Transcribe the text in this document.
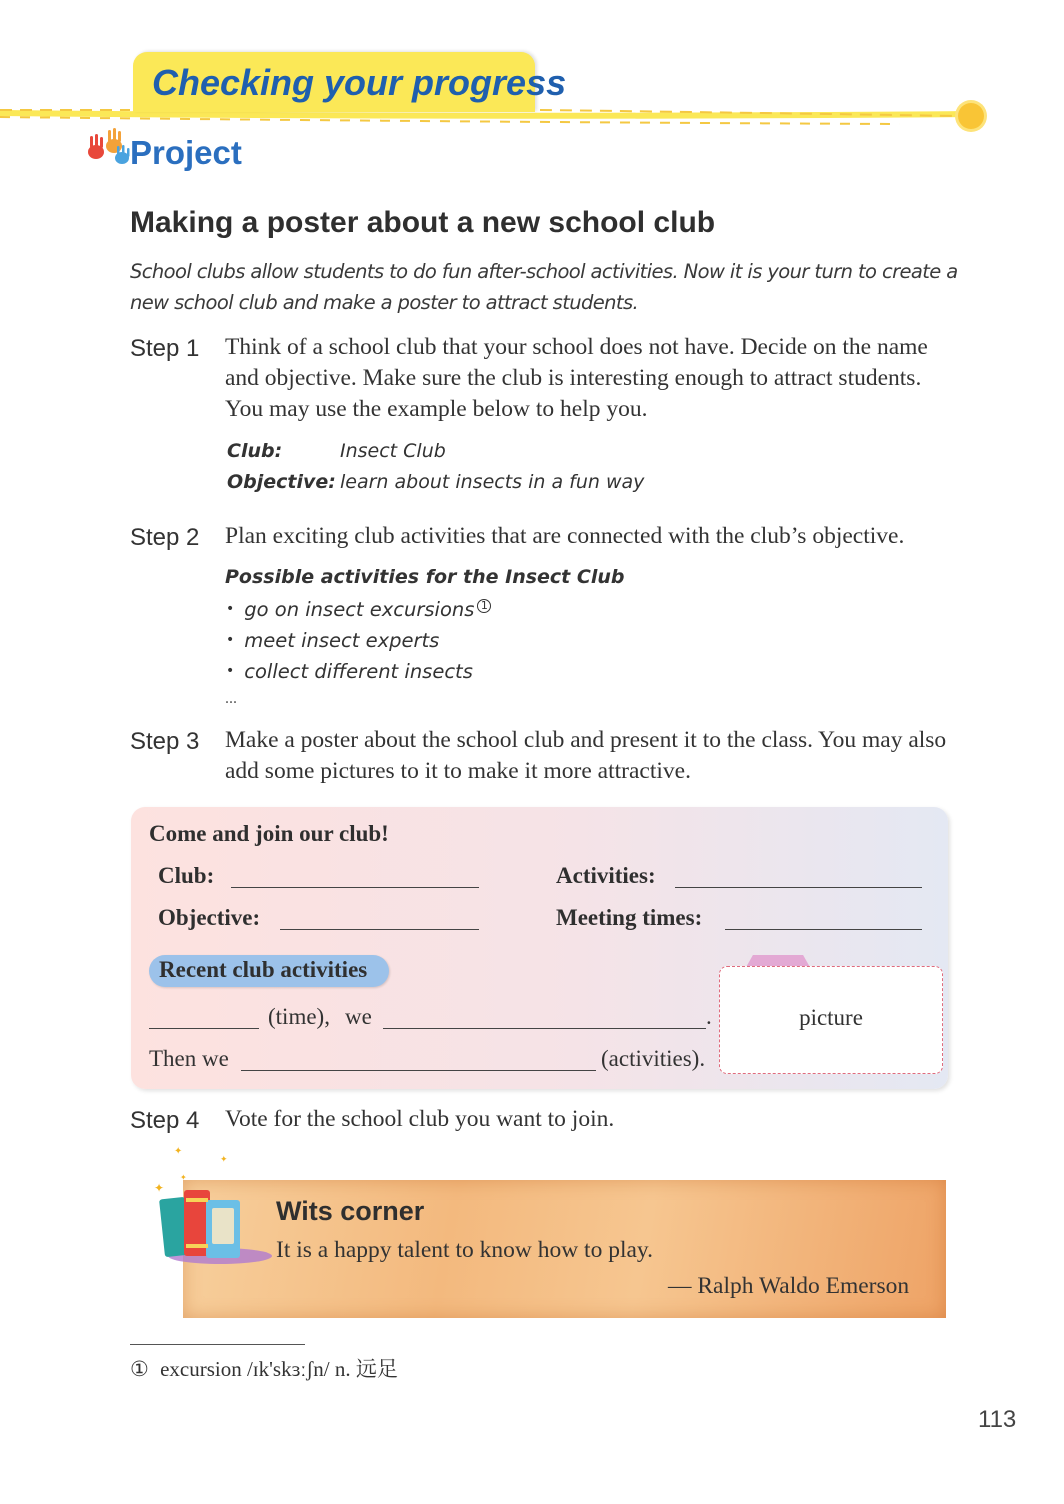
Checking your progress
Project
Making a poster about a new school club
School clubs allow students to do fun after-school activities. Now it is your turn to create a new school club and make a poster to attract students.
Step 1 Think of a school club that your school does not have. Decide on the name and objective. Make sure the club is interesting enough to attract students. You may use the example below to help you.
Club:	Insect Club
Objective: learn about insects in a fun way
Step 2 Plan exciting club activities that are connected with the club’s objective.
Possible activities for the Insect Club
• go on insect excursions 1
• meet insect experts
• collect different insects
...
Step 3 Make a poster about the school club and present it to the class. You may also add some pictures to it to make it more attractive.
Come and join our club!
Club:	Activities:
Objective:	Meeting times:
Recent club activities
(time), we	.
Then we	(activities).
picture
Step 4 Vote for the school club you want to join.
✦
✦
✦
✦
Wits corner
It is a happy talent to know how to play.
— Ralph Waldo Emerson
① excursion /ɪk'skɜːʃn/ n. 远足
113
